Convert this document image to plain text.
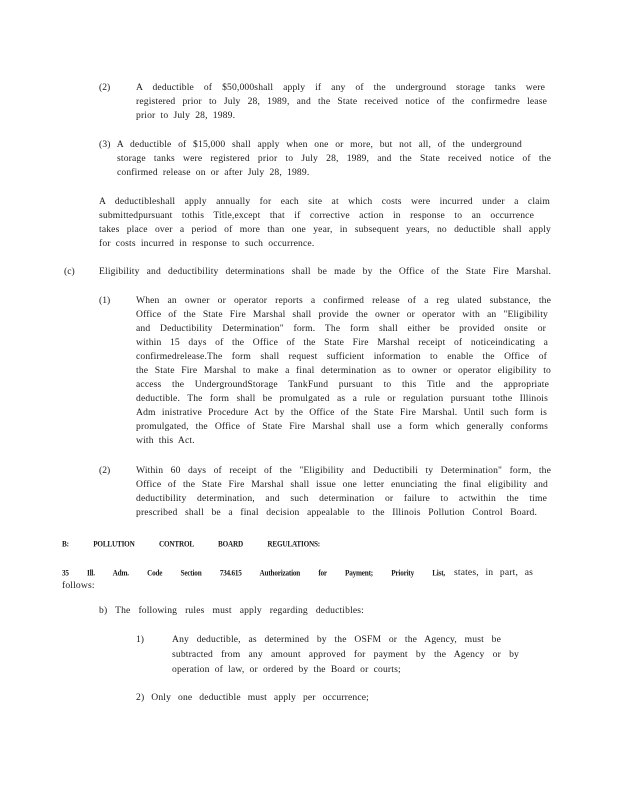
(2)	A deductible of $50,000shall apply if any of the underground storage tanks were
registered prior to July 28, 1989, and the State received notice of the confirmedre lease
prior to July 28, 1989.
(3) A deductible of $15,000 shall apply when one or more, but not all, of the underground
storage tanks were registered prior to July 28, 1989, and the State received notice of the
confirmed release on or after July 28, 1989.
A deductibleshall apply annually for each site at which costs were incurred under a claim
submittedpursuant tothis Title,except that if corrective action in response to an occurrence
takes place over a period of more than one year, in subsequent years, no deductible shall apply
for costs incurred in response to such occurrence.
(c)	Eligibility and deductibility determinations shall be made by the Office of the State Fire Marshal.
(1)	When an owner or operator reports a confirmed release of a reg ulated substance, the
Office of the State Fire Marshal shall provide the owner or operator with an "Eligibility
and Deductibility Determination" form. The form shall either be provided onsite or
within 15 days of the Office of the State Fire Marshal receipt of noticeindicating a
confirmedrelease.The form shall request sufficient information to enable the Office of
the State Fire Marshal to make a final determination as to owner or operator eligibility to
access the UndergroundStorage TankFund pursuant to this Title and the appropriate
deductible. The form shall be promulgated as a rule or regulation pursuant tothe Illinois
Adm inistrative Procedure Act by the Office of the State Fire Marshal. Until such form is
promulgated, the Office of State Fire Marshal shall use a form which generally conforms
with this Act.
(2)	Within 60 days of receipt of the "Eligibility and Deductibili ty Determination" form, the
Office of the State Fire Marshal shall issue one letter enunciating the final eligibility and
deductibility determination, and such determination or failure to actwithin the time
prescribed shall be a final decision appealable to the Illinois Pollution Control Board.
B: POLLUTION CONTROL BOARD REGULATIONS:
35 Ill. Adm. Code Section 734.615 Authorization for Payment; Priority List, states, in part, as
follows:
b) The following rules must apply regarding deductibles:
1)	Any deductible, as determined by the OSFM or the Agency, must be
subtracted from any amount approved for payment by the Agency or by
operation of law, or ordered by the Board or courts;
2) Only one deductible must apply per occurrence;
